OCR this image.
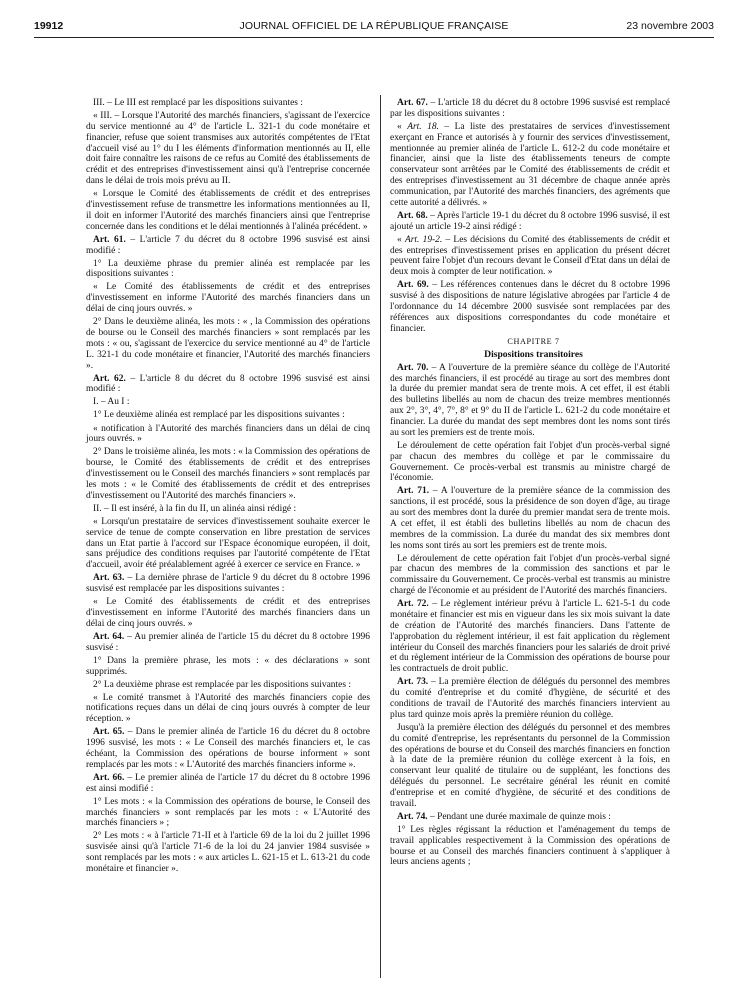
19912	JOURNAL OFFICIEL DE LA RÉPUBLIQUE FRANÇAISE	23 novembre 2003

III. – Le III est remplacé par les dispositions suivantes :

« III. – Lorsque l'Autorité des marchés financiers, s'agissant de l'exercice du service mentionné au 4° de l'article L. 321-1 du code monétaire et financier, refuse que soient transmises aux autorités compétentes de l'Etat d'accueil visé au 1° du I les éléments d'information mentionnés au II, elle doit faire connaître les raisons de ce refus au Comité des établissements de crédit et des entreprises d'investissement ainsi qu'à l'entreprise concernée dans le délai de trois mois prévu au II.

« Lorsque le Comité des établissements de crédit et des entreprises d'investissement refuse de transmettre les informations mentionnées au II, il doit en informer l'Autorité des marchés financiers ainsi que l'entreprise concernée dans les conditions et le délai mentionnés à l'alinéa précédent. »

Art. 61. – L'article 7 du décret du 8 octobre 1996 susvisé est ainsi modifié :

1° La deuxième phrase du premier alinéa est remplacée par les dispositions suivantes :

« Le Comité des établissements de crédit et des entreprises d'investissement en informe l'Autorité des marchés financiers dans un délai de cinq jours ouvrés. »

2° Dans le deuxième alinéa, les mots : « , la Commission des opérations de bourse ou le Conseil des marchés financiers » sont remplacés par les mots : « ou, s'agissant de l'exercice du service mentionné au 4° de l'article L. 321-1 du code monétaire et financier, l'Autorité des marchés financiers ».

Art. 62. – L'article 8 du décret du 8 octobre 1996 susvisé est ainsi modifié :

I. – Au I :

1° Le deuxième alinéa est remplacé par les dispositions suivantes :

« notification à l'Autorité des marchés financiers dans un délai de cinq jours ouvrés. »

2° Dans le troisième alinéa, les mots : « la Commission des opérations de bourse, le Comité des établissements de crédit et des entreprises d'investissement ou le Conseil des marchés financiers » sont remplacés par les mots : « le Comité des établissements de crédit et des entreprises d'investissement ou l'Autorité des marchés financiers ».

II. – Il est inséré, à la fin du II, un alinéa ainsi rédigé :

« Lorsqu'un prestataire de services d'investissement souhaite exercer le service de tenue de compte conservation en libre prestation de services dans un Etat partie à l'accord sur l'Espace économique européen, il doit, sans préjudice des conditions requises par l'autorité compétente de l'Etat d'accueil, avoir été préalablement agréé à exercer ce service en France. »

Art. 63. – La dernière phrase de l'article 9 du décret du 8 octobre 1996 susvisé est remplacée par les dispositions suivantes :

« Le Comité des établissements de crédit et des entreprises d'investissement en informe l'Autorité des marchés financiers dans un délai de cinq jours ouvrés. »

Art. 64. – Au premier alinéa de l'article 15 du décret du 8 octobre 1996 susvisé :

1° Dans la première phrase, les mots : « des déclarations » sont supprimés.

2° La deuxième phrase est remplacée par les dispositions suivantes :

« Le comité transmet à l'Autorité des marchés financiers copie des notifications reçues dans un délai de cinq jours ouvrés à compter de leur réception. »

Art. 65. – Dans le premier alinéa de l'article 16 du décret du 8 octobre 1996 susvisé, les mots : « Le Conseil des marchés financiers et, le cas échéant, la Commission des opérations de bourse informent » sont remplacés par les mots : « L'Autorité des marchés financiers informe ».

Art. 66. – Le premier alinéa de l'article 17 du décret du 8 octobre 1996 est ainsi modifié :

1° Les mots : « la Commission des opérations de bourse, le Conseil des marchés financiers » sont remplacés par les mots : « L'Autorité des marchés financiers » ;

2° Les mots : « à l'article 71-II et à l'article 69 de la loi du 2 juillet 1996 susvisée ainsi qu'à l'article 71-6 de la loi du 24 janvier 1984 susvisée » sont remplacés par les mots : « aux articles L. 621-15 et L. 613-21 du code monétaire et financier ».

Art. 67. – L'article 18 du décret du 8 octobre 1996 susvisé est remplacé par les dispositions suivantes :

« Art. 18. – La liste des prestataires de services d'investissement exerçant en France et autorisés à y fournir des services d'investissement, mentionnée au premier alinéa de l'article L. 612-2 du code monétaire et financier, ainsi que la liste des établissements teneurs de compte conservateur sont arrêtées par le Comité des établissements de crédit et des entreprises d'investissement au 31 décembre de chaque année après communication, par l'Autorité des marchés financiers, des agréments que cette autorité a délivrés. »

Art. 68. – Après l'article 19-1 du décret du 8 octobre 1996 susvisé, il est ajouté un article 19-2 ainsi rédigé :

« Art. 19-2. – Les décisions du Comité des établissements de crédit et des entreprises d'investissement prises en application du présent décret peuvent faire l'objet d'un recours devant le Conseil d'Etat dans un délai de deux mois à compter de leur notification. »

Art. 69. – Les références contenues dans le décret du 8 octobre 1996 susvisé à des dispositions de nature législative abrogées par l'article 4 de l'ordonnance du 14 décembre 2000 susvisée sont remplacées par des références aux dispositions correspondantes du code monétaire et financier.

CHAPITRE 7

Dispositions transitoires

Art. 70. – A l'ouverture de la première séance du collège de l'Autorité des marchés financiers, il est procédé au tirage au sort des membres dont la durée du premier mandat sera de trente mois. A cet effet, il est établi des bulletins libellés au nom de chacun des treize membres mentionnés aux 2°, 3°, 4°, 7°, 8° et 9° du II de l'article L. 621-2 du code monétaire et financier. La durée du mandat des sept membres dont les noms sont tirés au sort les premiers est de trente mois.

Le déroulement de cette opération fait l'objet d'un procès-verbal signé par chacun des membres du collège et par le commissaire du Gouvernement. Ce procès-verbal est transmis au ministre chargé de l'économie.

Art. 71. – A l'ouverture de la première séance de la commission des sanctions, il est procédé, sous la présidence de son doyen d'âge, au tirage au sort des membres dont la durée du premier mandat sera de trente mois. A cet effet, il est établi des bulletins libellés au nom de chacun des membres de la commission. La durée du mandat des six membres dont les noms sont tirés au sort les premiers est de trente mois.

Le déroulement de cette opération fait l'objet d'un procès-verbal signé par chacun des membres de la commission des sanctions et par le commissaire du Gouvernement. Ce procès-verbal est transmis au ministre chargé de l'économie et au président de l'Autorité des marchés financiers.

Art. 72. – Le règlement intérieur prévu à l'article L. 621-5-1 du code monétaire et financier est mis en vigueur dans les six mois suivant la date de création de l'Autorité des marchés financiers. Dans l'attente de l'approbation du règlement intérieur, il est fait application du règlement intérieur du Conseil des marchés financiers pour les salariés de droit privé et du règlement intérieur de la Commission des opérations de bourse pour les contractuels de droit public.

Art. 73. – La première élection de délégués du personnel des membres du comité d'entreprise et du comité d'hygiène, de sécurité et des conditions de travail de l'Autorité des marchés financiers intervient au plus tard quinze mois après la première réunion du collège.

Jusqu'à la première élection des délégués du personnel et des membres du comité d'entreprise, les représentants du personnel de la Commission des opérations de bourse et du Conseil des marchés financiers en fonction à la date de la première réunion du collège exercent à la fois, en conservant leur qualité de titulaire ou de suppléant, les fonctions des délégués du personnel. Le secrétaire général les réunit en comité d'entreprise et en comité d'hygiène, de sécurité et des conditions de travail.

Art. 74. – Pendant une durée maximale de quinze mois :

1° Les règles régissant la réduction et l'aménagement du temps de travail applicables respectivement à la Commission des opérations de bourse et au Conseil des marchés financiers continuent à s'appliquer à leurs anciens agents ;
